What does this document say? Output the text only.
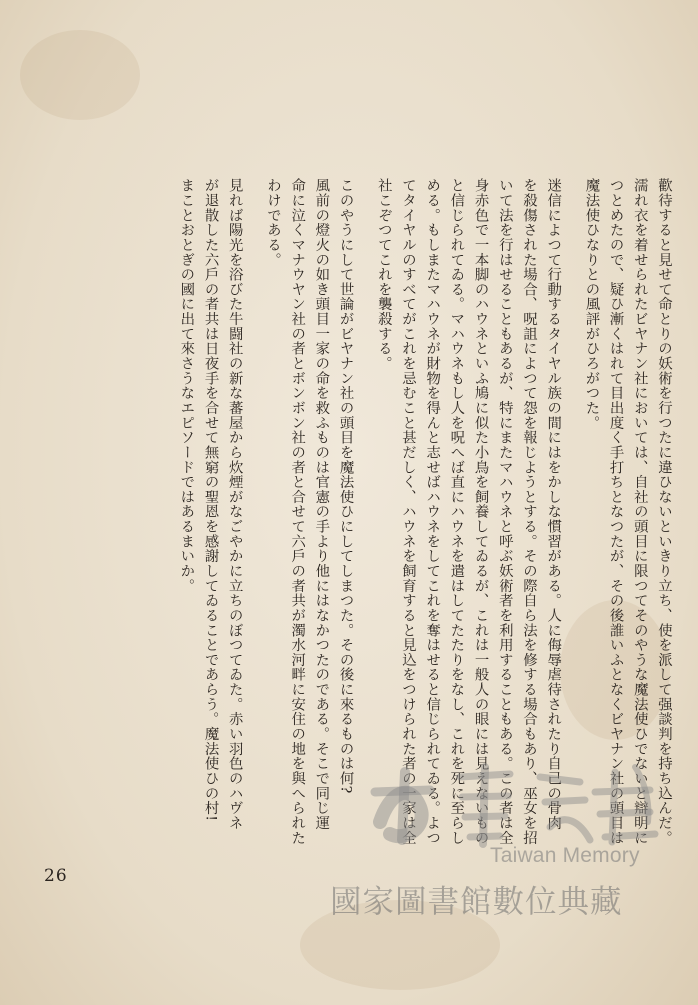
歡待すると見せて命とりの妖術を行つたに違ひないといきり立ち、使を派して强談判を持ち込んだ。
濡れ衣を着せられたビヤナン社においては、自社の頭目に限つてそのやうな魔法使ひでないと辯明に
つとめたので、疑ひ漸くはれて目出度く手打ちとなつたが、その後誰いふとなくビヤナン社の頭目は
魔法使ひなりとの風評がひろがつた。
迷信によつて行動するタイヤル族の間にはをかしな慣習がある。人に侮辱虐待されたり自己の骨肉
を殺傷された場合、呪詛によつて怨を報じようとする。その際自ら法を修する場合もあり、巫女を招
いて法を行はせることもあるが、特にまたマハウネと呼ぶ妖術者を利用することもある。この者は全
身赤色で一本脚のハウネといふ鳩に似た小鳥を飼養してゐるが、これは一般人の眼には見えないもの
と信じられてゐる。マハウネもし人を呪へば直にハウネを遣はしてたたりをなし、これを死に至らし
める。もしまたマハウネが財物を得んと志せばハウネをしてこれを奪はせると信じられてゐる。よつ
てタイヤルのすべてがこれを忌むこと甚だしく、ハウネを飼育すると見込をつけられた者の一家は全
社こぞつてこれを襲殺する。
このやうにして世論がビヤナン社の頭目を魔法使ひにしてしまつた。その後に來るものは何?
風前の燈火の如き頭目一家の命を救ふものは官憲の手より他にはなかつたのである。そこで同じ運
命に泣くマナウヤン社の者とボンボン社の者と合せて六戶の者共が濁水河畔に安住の地を與へられた
わけである。
見れば陽光を浴びた牛闘社の新な蕃屋から炊煙がなごやかに立ちのぼつてゐた。赤い羽色のハヴネ
が退散した六戶の者共は日夜手を合せて無窮の聖恩を感謝してゐることであらう。魔法使ひの村!
まことおとぎの國に出て來さうなエピソードではあるまいか。
26
Taiwan Memory
國家圖書館數位典藏
